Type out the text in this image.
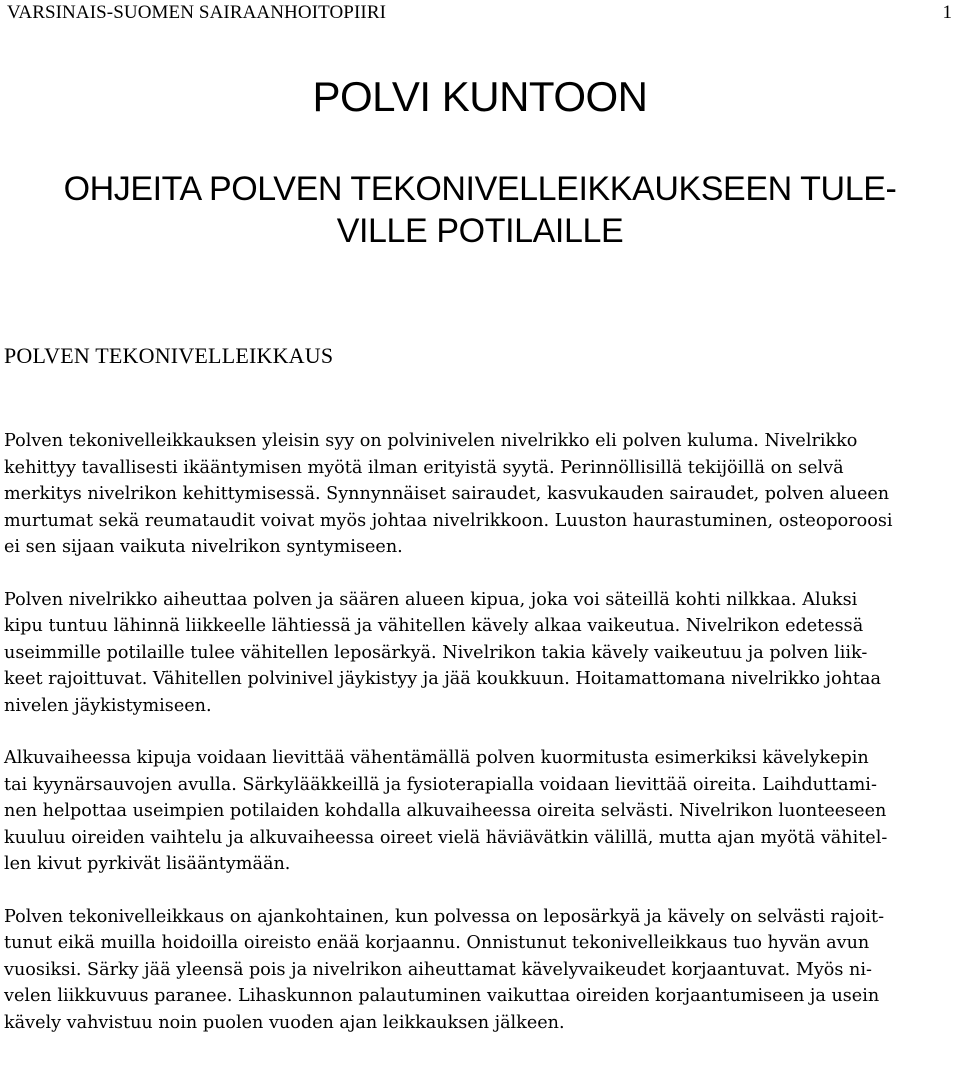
VARSINAIS-SUOMEN SAIRAANHOITOPIIRI	1
POLVI KUNTOON
OHJEITA POLVEN TEKONIVELLEIKKAUKSEEN TULE-
VILLE POTILAILLE
POLVEN TEKONIVELLEIKKAUS

Polven tekonivelleikkauksen yleisin syy on polvinivelen nivelrikko eli polven kuluma. Nivelrikko
kehittyy tavallisesti ikääntymisen myötä ilman erityistä syytä. Perinnöllisillä tekijöillä on selvä
merkitys nivelrikon kehittymisessä. Synnynnäiset sairaudet, kasvukauden sairaudet, polven alueen
murtumat sekä reumataudit voivat myös johtaa nivelrikkoon. Luuston haurastuminen, osteoporoosi
ei sen sijaan vaikuta nivelrikon syntymiseen.

Polven nivelrikko aiheuttaa polven ja säären alueen kipua, joka voi säteillä kohti nilkkaa. Aluksi
kipu tuntuu lähinnä liikkeelle lähtiessä ja vähitellen kävely alkaa vaikeutua. Nivelrikon edetessä
useimmille potilaille tulee vähitellen leposärkyä. Nivelrikon takia kävely vaikeutuu ja polven liik-
keet rajoittuvat. Vähitellen polvinivel jäykistyy ja jää koukkuun. Hoitamattomana nivelrikko johtaa
nivelen jäykistymiseen.

Alkuvaiheessa kipuja voidaan lievittää vähentämällä polven kuormitusta esimerkiksi kävelykepin
tai kyynärsauvojen avulla. Särkylääkkeillä ja fysioterapialla voidaan lievittää oireita. Laihduttami-
nen helpottaa useimpien potilaiden kohdalla alkuvaiheessa oireita selvästi. Nivelrikon luonteeseen
kuuluu oireiden vaihtelu ja alkuvaiheessa oireet vielä häviävätkin välillä, mutta ajan myötä vähitel-
len kivut pyrkivät lisääntymään.

Polven tekonivelleikkaus on ajankohtainen, kun polvessa on leposärkyä ja kävely on selvästi rajoit-
tunut eikä muilla hoidoilla oireisto enää korjaannu. Onnistunut tekonivelleikkaus tuo hyvän avun
vuosiksi. Särky jää yleensä pois ja nivelrikon aiheuttamat kävelyvaikeudet korjaantuvat. Myös ni-
velen liikkuvuus paranee. Lihaskunnon palautuminen vaikuttaa oireiden korjaantumiseen ja usein
kävely vahvistuu noin puolen vuoden ajan leikkauksen jälkeen.
